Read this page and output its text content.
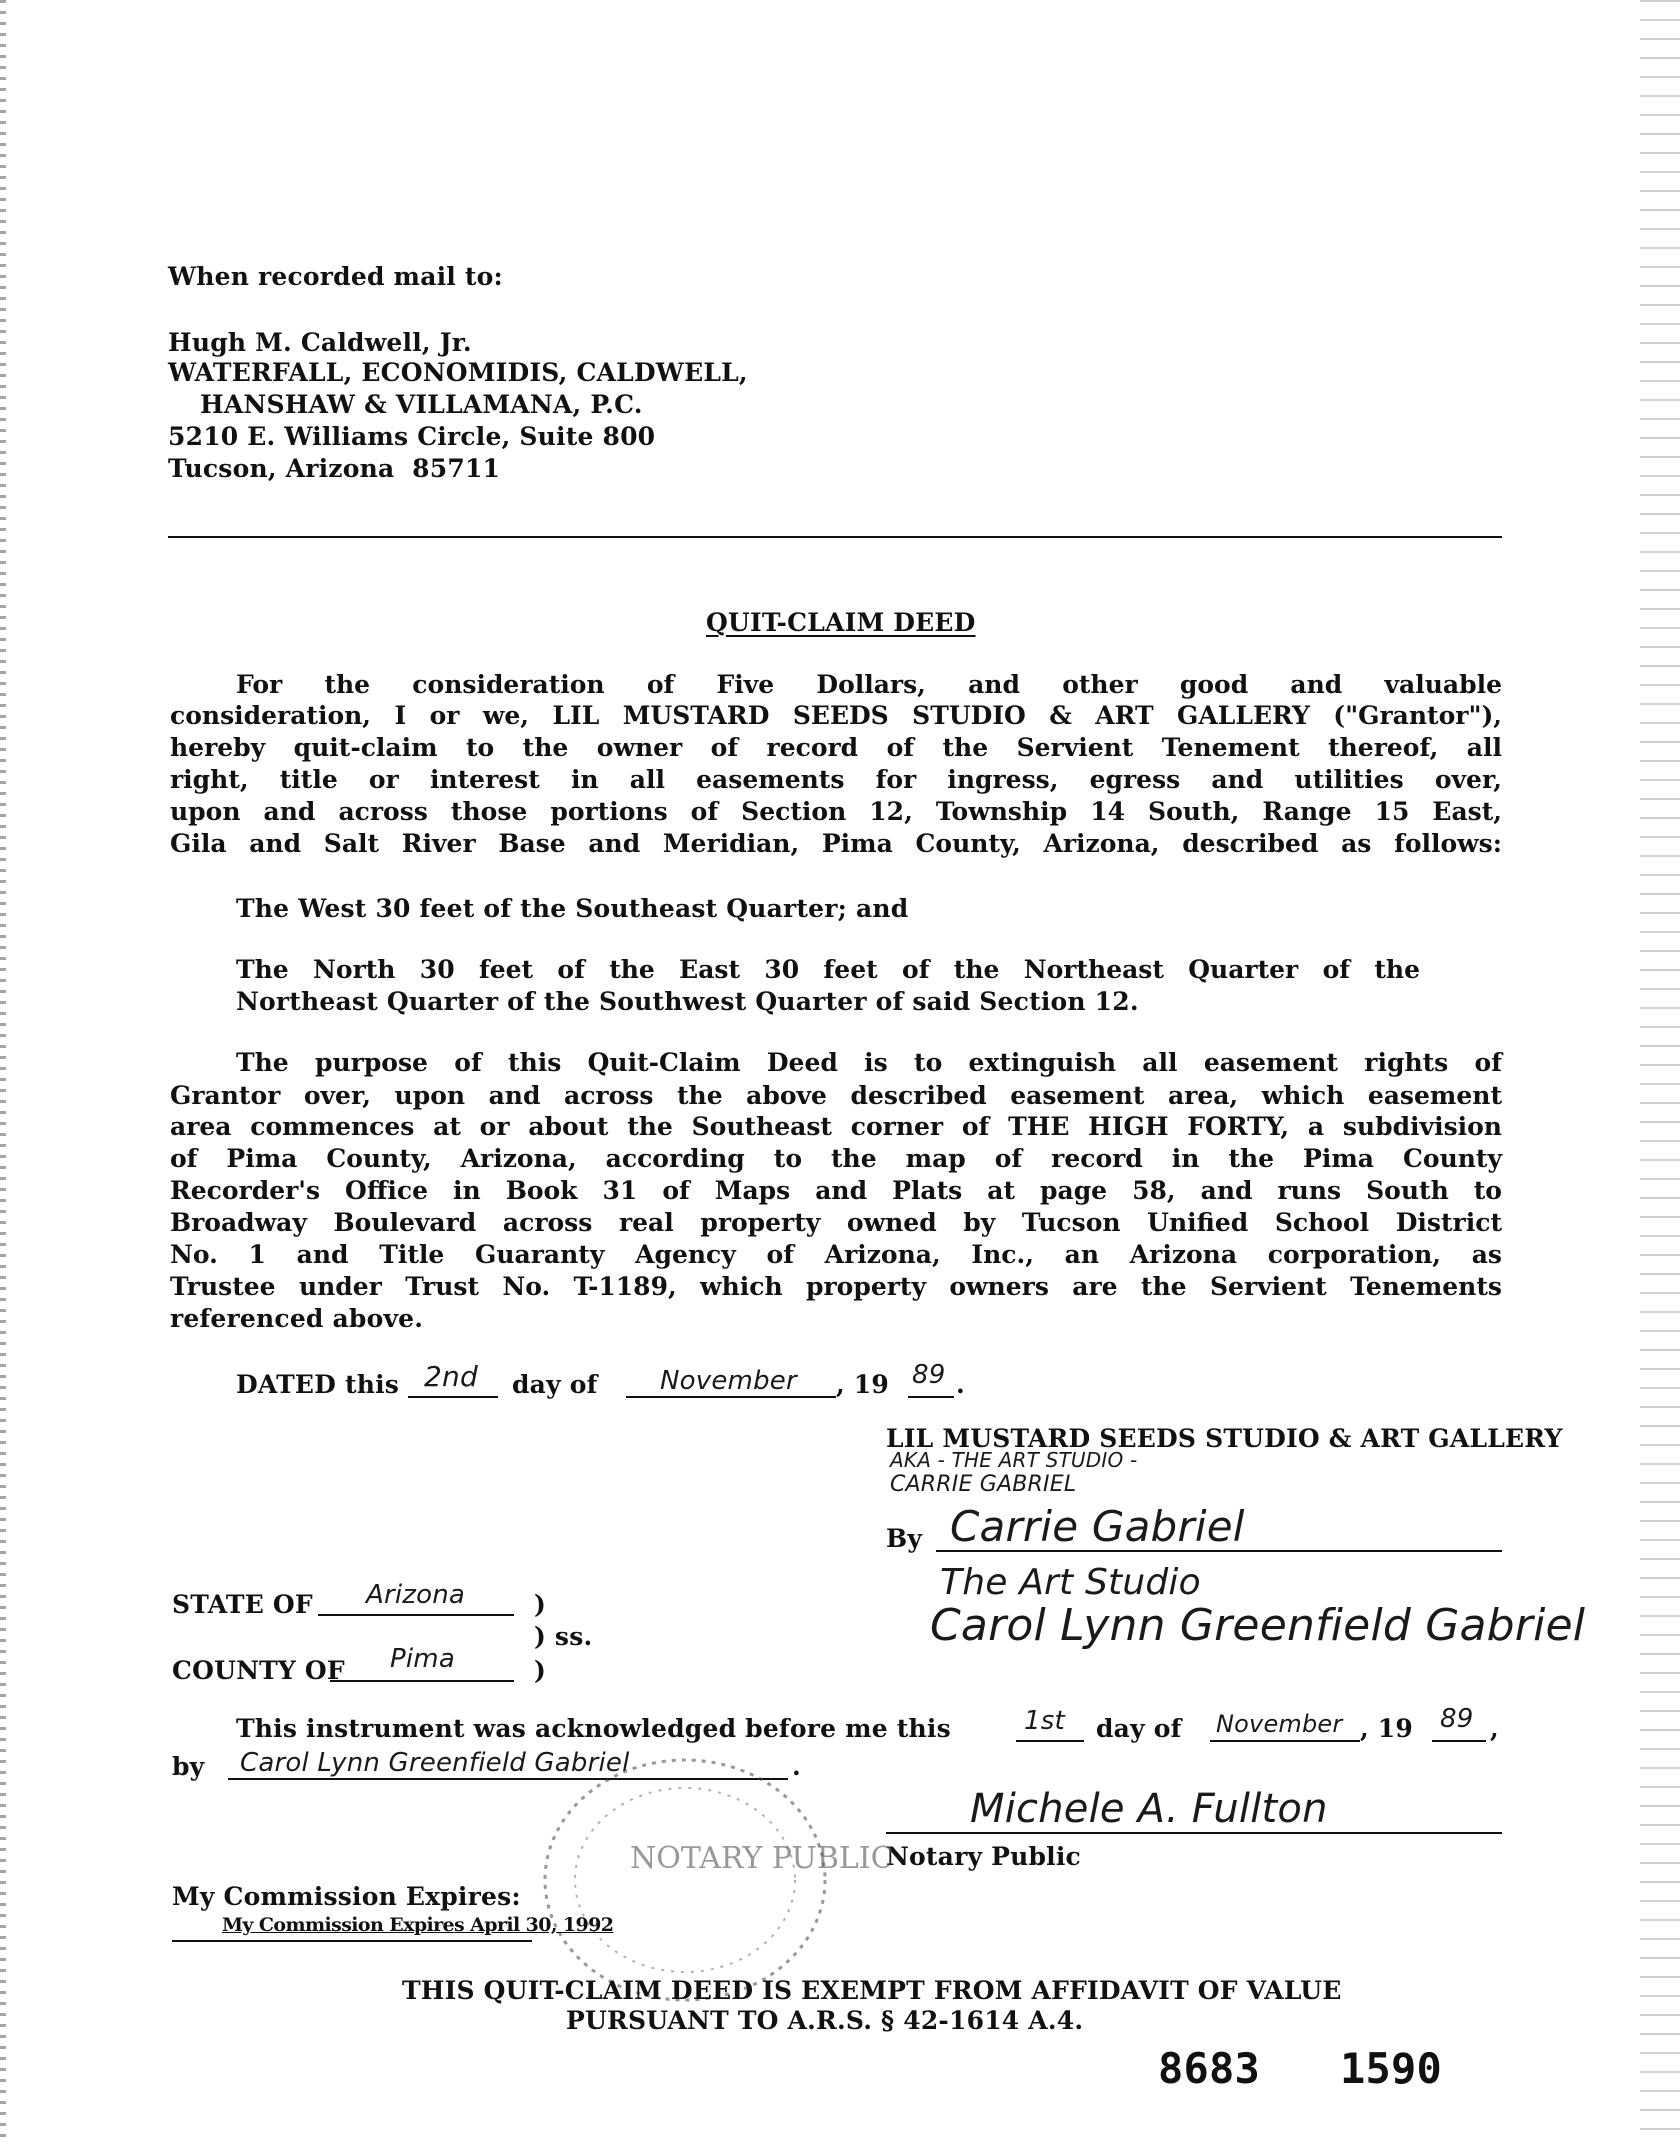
When recorded mail to:
Hugh M. Caldwell, Jr.
WATERFALL, ECONOMIDIS, CALDWELL,
HANSHAW & VILLAMANA, P.C.
5210 E. Williams Circle, Suite 800
Tucson, Arizona  85711
QUIT-CLAIM DEED
For the consideration of Five Dollars, and other good and valuable
consideration, I or we, LIL MUSTARD SEEDS STUDIO & ART GALLERY ("Grantor"),
hereby quit-claim to the owner of record of the Servient Tenement thereof, all
right, title or interest in all easements for ingress, egress and utilities over,
upon and across those portions of Section 12, Township 14 South, Range 15 East,
Gila and Salt River Base and Meridian, Pima County, Arizona, described as follows:
The West 30 feet of the Southeast Quarter; and
The North 30 feet of the East 30 feet of the Northeast Quarter of the
Northeast Quarter of the Southwest Quarter of said Section 12.
The purpose of this Quit-Claim Deed is to extinguish all easement rights of
Grantor over, upon and across the above described easement area, which easement
area commences at or about the Southeast corner of THE HIGH FORTY, a subdivision
of Pima County, Arizona, according to the map of record in the Pima County
Recorder's Office in Book 31 of Maps and Plats at page 58, and runs South to
Broadway Boulevard across real property owned by Tucson Unified School District
No. 1 and Title Guaranty Agency of Arizona, Inc., an Arizona corporation, as
Trustee under Trust No. T-1189, which property owners are the Servient Tenements
referenced above.
DATED this 2nd day of November , 19 89 .
LIL MUSTARD SEEDS STUDIO & ART GALLERY
AKA - THE ART STUDIO -
CARRIE GABRIEL
By Carrie Gabriel
The Art Studio
Carol Lynn Greenfield Gabriel
STATE OF Arizona	)
) ss.
COUNTY OF Pima	)
This instrument was acknowledged before me this	1st day of November , 19 89 ,
by Carol Lynn Greenfield Gabriel	.
Michele A. Fullton
Notary Public
NOTARY PUBLIC
My Commission Expires:
My Commission Expires April 30, 1992
THIS QUIT-CLAIM DEED IS EXEMPT FROM AFFIDAVIT OF VALUE
PURSUANT TO A.R.S. § 42-1614 A.4.
8683 1590
